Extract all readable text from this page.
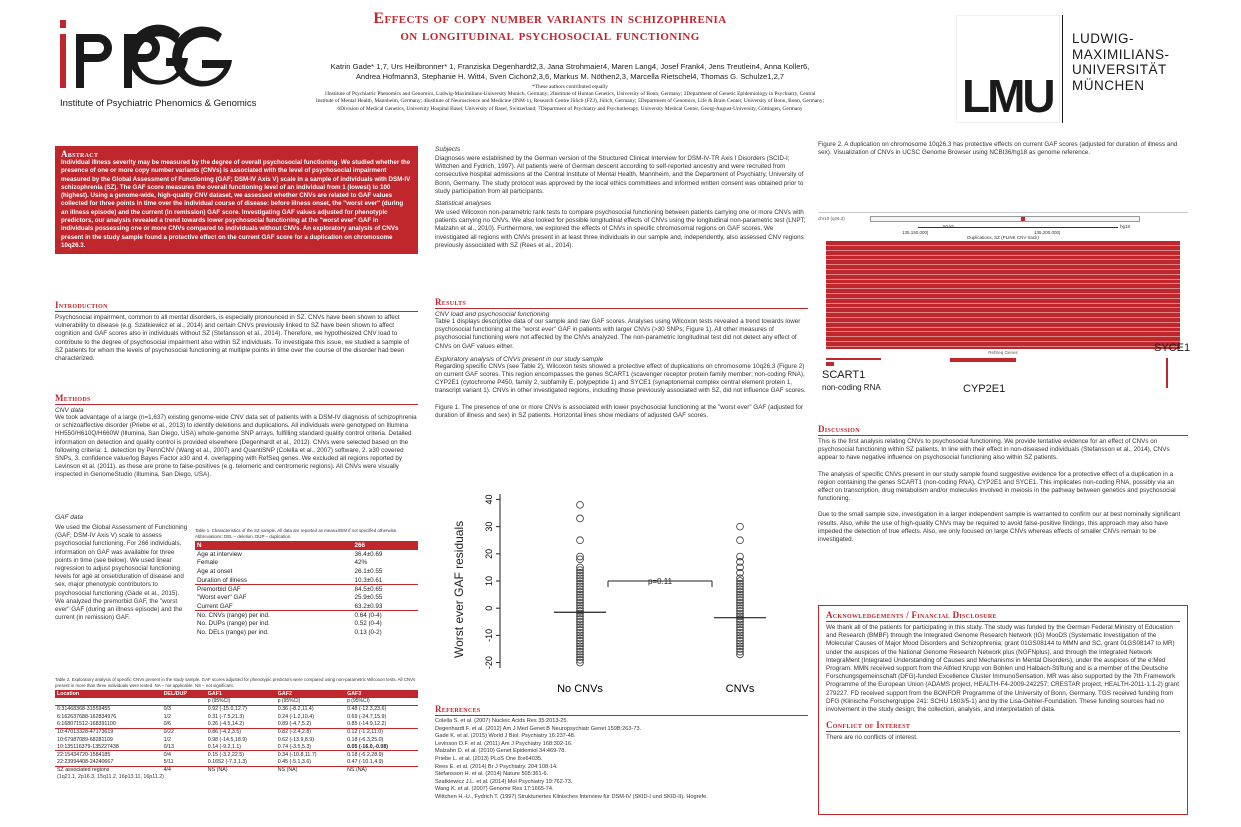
Institute of Psychiatric Phenomics & Genomics
Effects of copy number variants in schizophrenia
on longitudinal psychosocial functioning
Katrin Gade* 1,7, Urs Heilbronner* 1, Franziska Degenhardt2,3, Jana Strohmaier4, Maren Lang4, Josef Frank4, Jens Treutlein4, Anna Koller6,
Andrea Hofmann3, Stephanie H. Witt4, Sven Cichon2,3,6, Markus M. Nöthen2,3, Marcella Rietschel4, Thomas G. Schulze1,2,7
*These authors contributed equally
1Institute of Psychiatric Phenomics and Genomics, Ludwig-Maximilians-University Munich, Germany; 2Institute of Human Genetics, University of Bonn, Germany; 3Department of Genetic Epidemiology in Psychiatry, Central
Institute of Mental Health, Mannheim, Germany; 4Institute of Neuroscience and Medicine (INM-1), Research Centre Jülich (FZJ), Jülich, Germany; 5Department of Genomics, Life & Brain Center, University of Bonn, Bonn, Germany;
6Division of Medical Genetics, University Hospital Basel, University of Basel, Switzerland; 7Department of Psychiatry and Psychotherapy, University Medical Center, Georg-August-University, Göttingen, Germany	LMU
LUDWIG-
MAXIMILIANS-
UNIVERSITÄT
MÜNCHEN
Abstract
Individual illness severity may be measured by the degree of overall psychosocial functioning. We studied whether the presence of one or more copy number variants (CNVs) is associated with the level of psychosocial impairment measured by the Global Assessment of Functioning (GAF; DSM-IV Axis V) scale in a sample of individuals with DSM-IV schizophrenia (SZ). The GAF score measures the overall functioning level of an individual from 1 (lowest) to 100 (highest). Using a genome-wide, high-quality CNV dataset, we assessed whether CNVs are related to GAF values collected for three points in time over the individual course of disease: before illness onset, the "worst ever" (during an illness episode) and the current (in remission) GAF score. Investigating GAF values adjusted for phenotypic predictors, our analysis revealed a trend towards lower psychosocial functioning at the "worst ever" GAF in individuals possessing one or more CNVs compared to individuals without CNVs. An exploratory analysis of CNVs present in the study sample found a protective effect on the current GAF score for a duplication on chromosome 10q26.3.
Introduction
Psychosocial impairment, common to all mental disorders, is especially pronounced in SZ. CNVs have been shown to affect vulnerability to disease (e.g. Szatkiewicz et al., 2014) and certain CNVs previously linked to SZ have been shown to affect cognition and GAF scores also in individuals without SZ (Stefansson et al., 2014). Therefore, we hypothesized CNV load to contribute to the degree of psychosocial impairment also within SZ individuals. To investigate this issue, we studied a sample of SZ patients for whom the levels of psychosocial functioning at multiple points in time over the course of the disorder had been characterized.
Methods
CNV data
We took advantage of a large (n=1,637) existing genome-wide CNV data set of patients with a DSM-IV diagnosis of schizophrenia or schizoaffective disorder (Priebe et al., 2013) to identify deletions and duplications. All individuals were genotyped on Illumina HH550/H610Q/H660W (Illumina, San Diego, USA) whole-genome SNP arrays, fulfilling standard quality control criteria. Detailed information on detection and quality control is provided elsewhere (Degenhardt et al., 2012). CNVs were selected based on the following criteria: 1. detection by PennCNV (Wang et al., 2007) and QuantiSNP (Colella et al., 2007) software, 2. ≥30 covered SNPs, 3. confidence value/log Bayes Factor ≥30 and 4. overlapping with RefSeq genes. We excluded all regions reported by Levinson et al. (2011), as these are prone to false-positives (e.g. telomeric and centromeric regions). All CNVs were visually inspected in GenomeStudio (Illumina, San Diego, USA).
GAF data
We used the Global Assessment of Functioning (GAF; DSM-IV Axis V) scale to assess psychosocial functioning. For 266 individuals, information on GAF was available for three points in time (see below). We used linear regression to adjust psychosocial functioning levels for age at onset/duration of disease and sex, major phenotypic contributors to psychosocial functioning (Gade et al., 2015). We analyzed the premorbid GAF, the "worst ever" GAF (during an illness episode) and the current (in remission) GAF.
Table 1. Characteristics of the SZ sample. All data are reported as mean±SEM if not specified otherwise. Abbreviations: DEL – deletion, DUP – duplication.
N	266
Age at interview	36.4±0.69
Female	42%
Age at onset	26.1±0.55
Duration of illness	10.3±0.61
Premorbid GAF	84.5±0.65
"Worst ever" GAF	25.9±0.55
Current GAF	63.2±0.93
No. CNVs (range) per ind.	0.64 (0-4)
No. DUPs (range) per ind.	0.52 (0-4)
No. DELs (range) per ind.	0.13 (0-2)
Table 2. Exploratory analysis of specific CNVs present in the study sample. GAF scores adjusted for phenotypic predictors were compared using non-parametric Wilcoxon tests. All CNVs present in more than three individuals were tested. NA – not applicable, NS – not significant.
Location	DEL/DUP	GAF1	GAF2	GAF3
		p (95%CI)	p (95%CI)	p (95%CI)
6:31468368-31559455	0/3	0.92 (-15.0,12.7)	0.36 (-8.2,11.4)	0.48 (-12.3,23.6)
6:162637688-162834976	1/2	0.31 (-7.5,21.3)	0.24 (-1.2,10.4)	0.69 (-24.7,15.9)
6:168071512-168391100	0/6	0.26 (-4.5,14.2)	0.89 (-4.7,5.2)	0.85 (-14.9,12.2)
10:47013328-47173619	0/22	0.86 (-4.2,3.5)	0.82 (-2.4,2.8)	0.12 (-1.2,11.0)
10:67987089-68281109	1/2	0.98 (-14.5,18.9)	0.62 (-13.9,8.9)	0.18 (-6.3,25.0)
10:135116379-135227438	0/13	0.14 (-9.2,1.1)	0.74 (-3.5,5.3)	0.05 (-16.0,-0.08)
22:15434720-1584185	0/4	0.15 (-3.2,22.5)	0.34 (-10.8,11.7)	0.18 (-6.2,28.9)
22:23994408-24240667	5/11	0.1652 (-7.3,1.3)	0.45 (-5.1,3.6)	0.47 (-10.1,4.9)
SZ associated regions	4/4	NS (NA)	NS (NA)	NS (NA)
(1q21.1, 2p16.3, 15q11.2, 16p13.11, 16p11.2)
Subjects
Diagnoses were established by the German version of the Structured Clinical Interview for DSM-IV-TR Axis I Disorders (SCID-I; Wittchen and Fydrich, 1997). All patients were of German descent according to self-reported ancestry and were recruited from consecutive hospital admissions at the Central Institute of Mental Health, Mannheim, and the Department of Psychiatry, University of Bonn, Germany. The study protocol was approved by the local ethics committees and informed written consent was obtained prior to study participation from all participants.
Statistical analyses
We used Wilcoxon non-parametric rank tests to compare psychosocial functioning between patients carrying one or more CNVs with patients carrying no CNVs. We also looked for possible longitudinal effects of CNVs using the longitudinal non-parametric test (LNPT; Malzahn et al., 2010). Furthermore, we explored the effects of CNVs in specific chromosomal regions on GAF scores. We investigated all regions with CNVs present in at least three individuals in our sample and, independently, also assessed CNV regions previously associated with SZ (Rees et al., 2014).
Results
CNV load and psychosocial functioning
Table 1 displays descriptive data of our sample and raw GAF scores. Analyses using Wilcoxon tests revealed a trend towards lower psychosocial functioning at the "worst ever" GAF in patients with larger CNVs (>30 SNPs; Figure 1). All other measures of psychosocial functioning were not affected by the CNVs analyzed. The non-parametric longitudinal test did not detect any effect of CNVs on GAF values either.
Exploratory analysis of CNVs present in our study sample
Regarding specific CNVs (see Table 2), Wilcoxon tests showed a protective effect of duplications on chromosome 10q26.3 (Figure 2) on current GAF scores. This region encompasses the genes SCART1 (scavenger receptor protein family member; non-coding RNA), CYP2E1 (cytochrome P450, family 2, subfamily E, polypeptide 1) and SYCE1 (synaptonemal complex central element protein 1, transcript variant 1). CNVs in other investigated regions, including those previously associated with SZ, did not influence GAF scores.
Figure 1. The presence of one or more CNVs is associated with lower psychosocial functioning at the "worst ever" GAF (adjusted for duration of illness and sex) in SZ patients. Horizontal lines show medians of adjusted GAF scores.
-20
-10
0
10
20
30
40
No CNVs	CNVs
p=0.11
Worst ever GAF residuals
References
Colella S. et al. (2007) Nucleic Acids Res 35:2013-25.
Degenhardt F. et al. (2012) Am J Med Genet B Neuropsychiatr Genet 159B:263-73.
Gade K. et al. (2015) World J Biol. Psychiatry 16:237-48.
Levinson D.F. et al. (2011) Am J Psychiatry 168:302-16.
Malzahn D. et al. (2010) Genet Epidemiol 34:469-78.
Priebe L. et al. (2013) PLoS One 8:e64035.
Rees E. et al. (2014) Br J Psychiatry. 204:108-14.
Stefansson H. et al. (2014) Nature 505:361-6.
Szatkiewicz J.L. et al. (2014) Mol Psychiatry 19:762-73.
Wang K. et al. (2007) Genome Res 17:1665-74.
Wittchen H.-U., Fydrich T. (1997) Strukturiertes Klinisches Interview für DSM-IV (SKID-I und SKID-II). Hogrefe.
Figure 2. A duplication on chromosome 10q26.3 has protective effects on current GAF scores (adjusted for duration of illness and sex). Visualization of CNVs in UCSC Genome Browser using NCBI36/hg18 as genome reference.
chr10 (q26.3)
50 kb	hg18
135,150,000|	135,200,000|
Duplications, SZ (PLINK CNV track)
RefSeq Genes
SCART1
non-coding RNA	CYP2E1
SYCE1
Discussion
This is the first analysis relating CNVs to psychosocial functioning. We provide tentative evidence for an effect of CNVs on psychosocial functioning within SZ patients. In line with their effect in non-diseased individuals (Stefansson et al., 2014), CNVs appear to have negative influence on psychosocial functioning also within SZ patients.
The analysis of specific CNVs present in our study sample found suggestive evidence for a protective effect of a duplication in a region containing the genes SCART1 (non-coding RNA), CYP2E1 and SYCE1. This implicates non-coding RNA, possibly via an effect on transcription, drug metabolism and/or molecules involved in meiosis in the pathway between genetics and psychosocial functioning.
Due to the small sample size, investigation in a larger independent sample is warranted to confirm our at best nominally significant results. Also, while the use of high-quality CNVs may be required to avoid false-positive findings, this approach may also have impeded the detection of true effects. Also, we only focused on large CNVs whereas effects of smaller CNVs remain to be investigated.
Acknowledgements / Financial Disclosure
We thank all of the patients for participating in this study. The study was funded by the German Federal Ministry of Education and Research (BMBF) through the Integrated Genome Research Network (IG) MooDS (Systematic Investigation of the Molecular Causes of Major Mood Disorders and Schizophrenia; grant 01GS08144 to MMN and SC, grant 01GS08147 to MR) under the auspices of the National Genome Research Network plus (NGFNplus), and through the Integrated Network IntegraMent (Integrated Understanding of Causes and Mechanisms in Mental Disorders), under the auspices of the e:Med Program. MMN received support from the Alfried Krupp von Bohlen und Halbach-Stiftung and is a member of the Deutsche Forschungsgemeinschaft (DFG)-funded Excellence Cluster ImmunoSensation. MR was also supported by the 7th Framework Programme of the European Union (ADAMS project, HEALTH-F4-2009-242257; CRESTAR project, HEALTH-2011-1.1-2) grant 279227. FD received support from the BONFOR Programme of the University of Bonn, Germany. TGS received funding from DFG (Klinische Forschergruppe 241: SCHU 1603/5-1) and by the Lisa-Oehler-Foundation. These funding sources had no involvement in the study design; the collection, analysis, and interpretation of data.
Conflict of Interest
There are no conflicts of interest.
